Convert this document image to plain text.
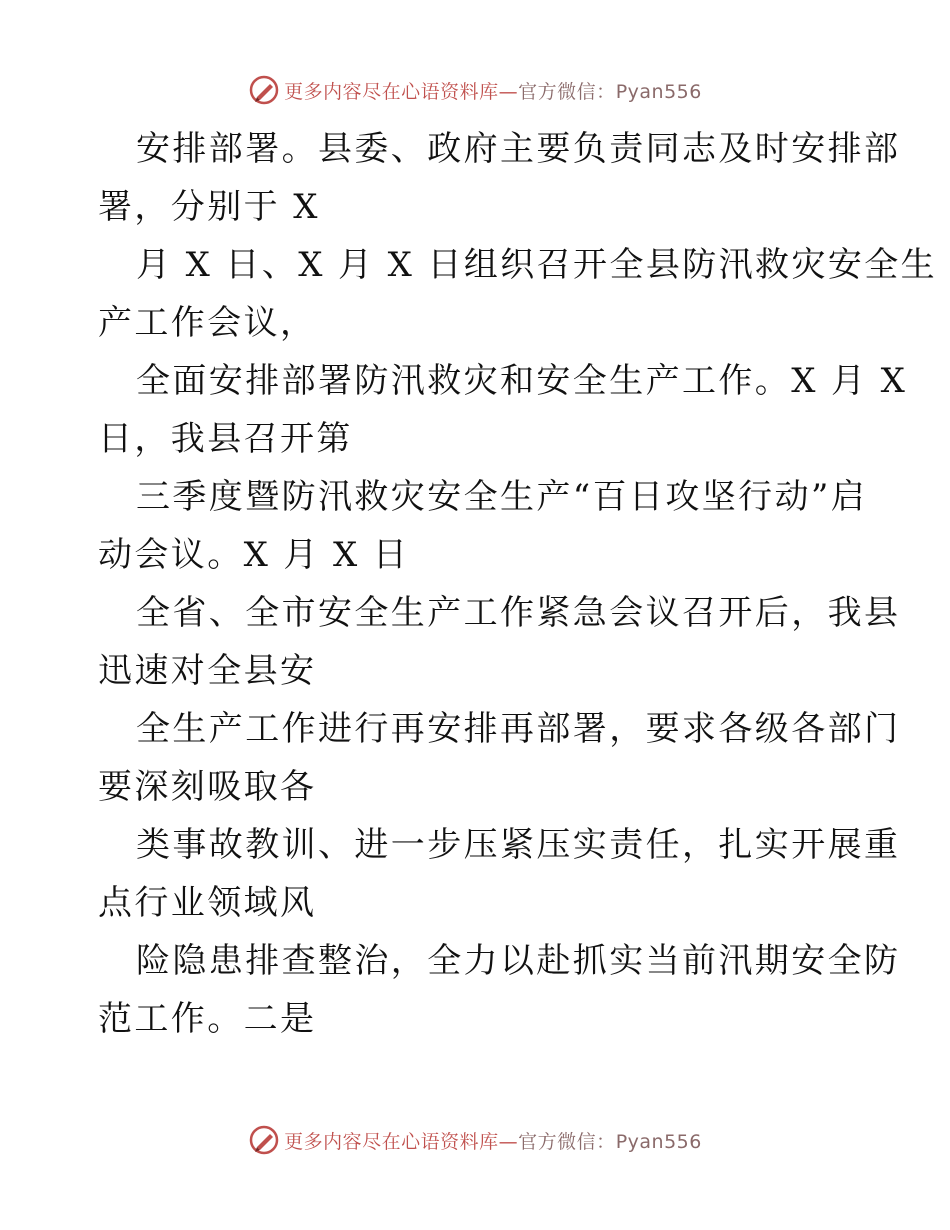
更多内容尽在心语资料库—官方微信：Pyan556
安排部署。县委、政府主要负责同志及时安排部
署，分别于 X
月 X 日、X 月 X 日组织召开全县防汛救灾安全生
产工作会议，
全面安排部署防汛救灾和安全生产工作。X 月 X
日，我县召开第
三季度暨防汛救灾安全生产“百日攻坚行动”启
动会议。X 月 X 日
全省、全市安全生产工作紧急会议召开后，我县
迅速对全县安
全生产工作进行再安排再部署，要求各级各部门
要深刻吸取各
类事故教训、进一步压紧压实责任，扎实开展重
点行业领域风
险隐患排查整治，全力以赴抓实当前汛期安全防
范工作。二是
更多内容尽在心语资料库—官方微信：Pyan556
